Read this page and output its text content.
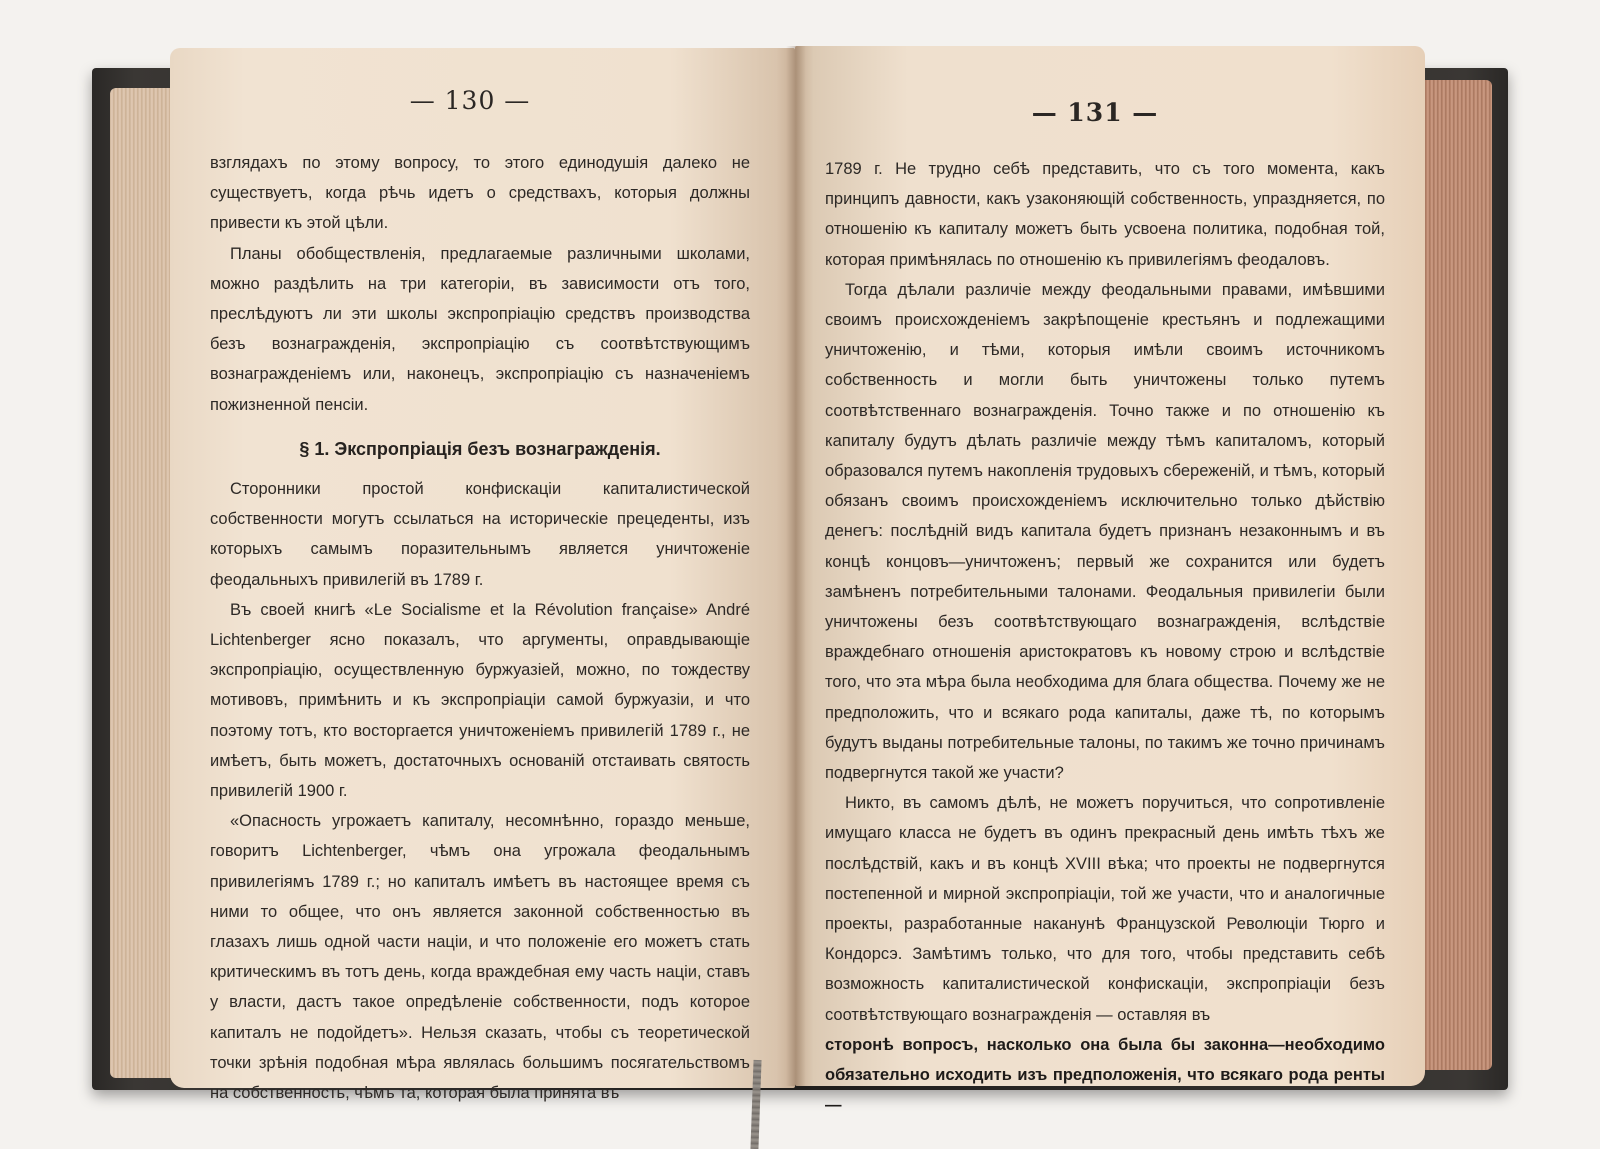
— 130 —

взглядахъ по этому вопросу, то этого единодушія далеко не существуетъ, когда рѣчь идетъ о средствахъ, которыя должны привести къ этой цѣли.

Планы обобществленія, предлагаемые различными школами, можно раздѣлить на три категоріи, въ зависимости отъ того, преслѣдуютъ ли эти школы экспропріацію средствъ производства безъ вознагражденія, экспропріацію съ соотвѣтствующимъ вознагражденіемъ или, наконецъ, экспропріацію съ назначеніемъ пожизненной пенсіи.

§ 1. Экспропріація безъ вознагражденія.

Сторонники простой конфискаціи капиталистической собственности могутъ ссылаться на историческіе прецеденты, изъ которыхъ самымъ поразительнымъ является уничтоженіе феодальныхъ привилегій въ 1789 г.

Въ своей книгѣ «Le Socialisme et la Révolution française» André Lichtenberger ясно показалъ, что аргументы, оправдывающіе экспропріацію, осуществленную буржуазіей, можно, по тождеству мотивовъ, примѣнить и къ экспропріаціи самой буржуазіи, и что поэтому тотъ, кто восторгается уничтоженіемъ привилегій 1789 г., не имѣетъ, быть можетъ, достаточныхъ основаній отстаивать святость привилегій 1900 г.

«Опасность угрожаетъ капиталу, несомнѣнно, гораздо меньше, говоритъ Lichtenberger, чѣмъ она угрожала феодальнымъ привилегіямъ 1789 г.; но капиталъ имѣетъ въ настоящее время съ ними то общее, что онъ является законной собственностью въ глазахъ лишь одной части націи, и что положеніе его можетъ стать критическимъ въ тотъ день, когда враждебная ему часть націи, ставъ у власти, дастъ такое опредѣленіе собственности, подъ которое капиталъ не подойдетъ». Нельзя сказать, чтобы съ теоретической точки зрѣнія подобная мѣра являлась большимъ посягательствомъ на собственность, чѣмъ та, которая была принята въ

— 131 —

1789 г. Не трудно себѣ представить, что съ того момента, какъ принципъ давности, какъ узаконяющій собственность, упраздняется, по отношенію къ капиталу можетъ быть усвоена политика, подобная той, которая примѣнялась по отношенію къ привилегіямъ феодаловъ.

Тогда дѣлали различіе между феодальными правами, имѣвшими своимъ происхожденіемъ закрѣпощеніе крестьянъ и подлежащими уничтоженію, и тѣми, которыя имѣли своимъ источникомъ собственность и могли быть уничтожены только путемъ соотвѣтственнаго вознагражденія. Точно также и по отношенію къ капиталу будутъ дѣлать различіе между тѣмъ капиталомъ, который образовался путемъ накопленія трудовыхъ сбереженій, и тѣмъ, который обязанъ своимъ происхожденіемъ исключительно только дѣйствію денегъ: послѣдній видъ капитала будетъ признанъ незаконнымъ и въ концѣ концовъ—уничтоженъ; первый же сохранится или будетъ замѣненъ потребительными талонами. Феодальныя привилегіи были уничтожены безъ соотвѣтствующаго вознагражденія, вслѣдствіе враждебнаго отношенія аристократовъ къ новому строю и вслѣдствіе того, что эта мѣра была необходима для блага общества. Почему же не предположить, что и всякаго рода капиталы, даже тѣ, по которымъ будутъ выданы потребительные талоны, по такимъ же точно причинамъ подвергнутся такой же участи?

Никто, въ самомъ дѣлѣ, не можетъ поручиться, что сопротивленіе имущаго класса не будетъ въ одинъ прекрасный день имѣть тѣхъ же послѣдствій, какъ и въ концѣ XVIII вѣка; что проекты не подвергнутся постепенной и мирной экспропріаціи, той же участи, что и аналогичные проекты, разработанные наканунѣ Французской Революціи Тюрго и Кондорсэ. Замѣтимъ только, что для того, чтобы представить себѣ возможность капиталистической конфискаціи, экспропріаціи безъ соотвѣтствующаго вознагражденія — оставляя въ

сторонѣ вопросъ, насколько она была бы законна—необходимо обязательно исходить изъ предположенія, что всякаго рода ренты —
